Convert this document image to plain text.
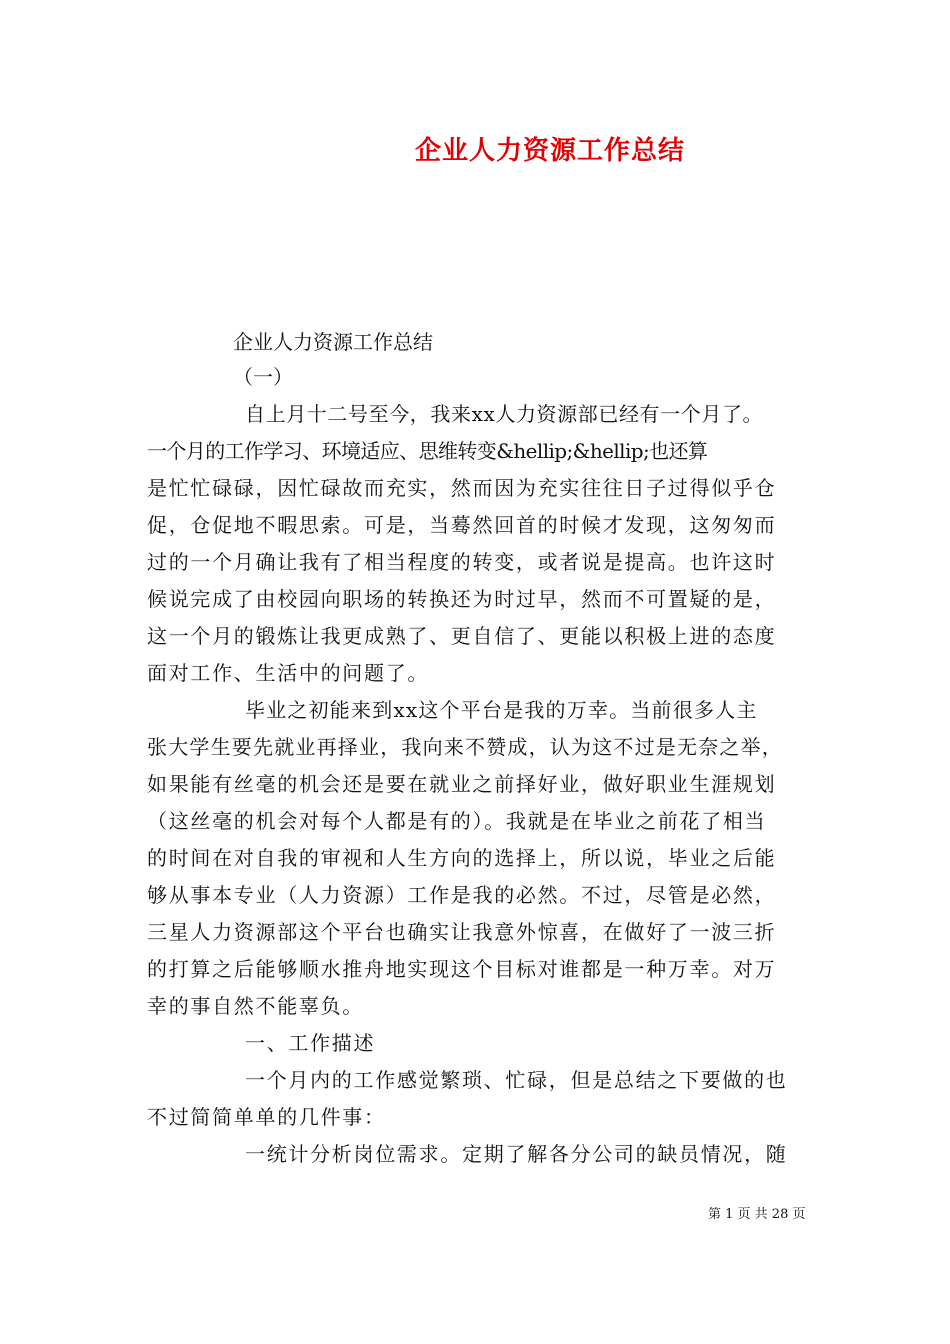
企业人力资源工作总结
企业人力资源工作总结
（一）
自上月十二号至今，我来xx人力资源部已经有一个月了。
一个月的工作学习、环境适应、思维转变&hellip;&hellip;也还算
是忙忙碌碌，因忙碌故而充实，然而因为充实往往日子过得似乎仓
促，仓促地不暇思索。可是，当蓦然回首的时候才发现，这匆匆而
过的一个月确让我有了相当程度的转变，或者说是提高。也许这时
候说完成了由校园向职场的转换还为时过早，然而不可置疑的是，
这一个月的锻炼让我更成熟了、更自信了、更能以积极上进的态度
面对工作、生活中的问题了。
毕业之初能来到xx这个平台是我的万幸。当前很多人主
张大学生要先就业再择业，我向来不赞成，认为这不过是无奈之举，
如果能有丝毫的机会还是要在就业之前择好业，做好职业生涯规划
（这丝毫的机会对每个人都是有的）。我就是在毕业之前花了相当
的时间在对自我的审视和人生方向的选择上，所以说，毕业之后能
够从事本专业（人力资源）工作是我的必然。不过，尽管是必然，
三星人力资源部这个平台也确实让我意外惊喜，在做好了一波三折
的打算之后能够顺水推舟地实现这个目标对谁都是一种万幸。对万
幸的事自然不能辜负。
一、工作描述
一个月内的工作感觉繁琐、忙碌，但是总结之下要做的也
不过简简单单的几件事：
一统计分析岗位需求。定期了解各分公司的缺员情况，随
第 1 页 共 28 页
